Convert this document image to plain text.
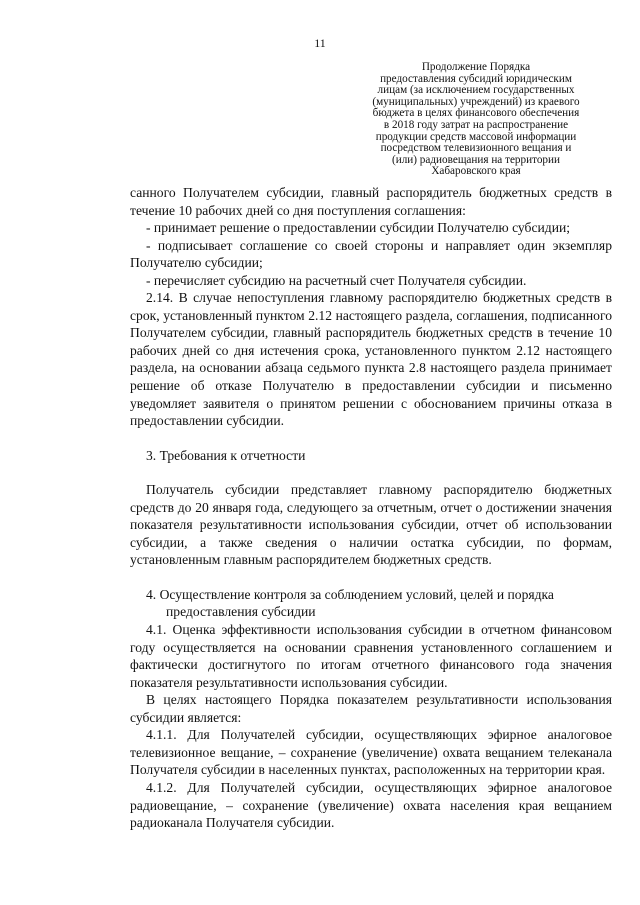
11
Продолжение Порядка
предоставления субсидий юридическим
лицам (за исключением государственных
(муниципальных) учреждений) из краевого
бюджета в целях финансового обеспечения
в 2018 году затрат на распространение
продукции средств массовой информации
посредством телевизионного вещания и
(или) радиовещания на территории
Хабаровского края

санного Получателем субсидии, главный распорядитель бюджетных средств в течение 10 рабочих дней со дня поступления соглашения:

- принимает решение о предоставлении субсидии Получателю субсидии;

- подписывает соглашение со своей стороны и направляет один экземпляр Получателю субсидии;

- перечисляет субсидию на расчетный счет Получателя субсидии.

2.14. В случае непоступления главному распорядителю бюджетных средств в срок, установленный пунктом 2.12 настоящего раздела, соглашения, подписанного Получателем субсидии, главный распорядитель бюджетных средств в течение 10 рабочих дней со дня истечения срока, установленного пунктом 2.12 настоящего раздела, на основании абзаца седьмого пункта 2.8 настоящего раздела принимает решение об отказе Получателю в предоставлении субсидии и письменно уведомляет заявителя о принятом решении с обоснованием причины отказа в предоставлении субсидии.

3. Требования к отчетности

Получатель субсидии представляет главному распорядителю бюджетных средств до 20 января года, следующего за отчетным, отчет о достижении значения показателя результативности использования субсидии, отчет об использовании субсидии, а также сведения о наличии остатка субсидии, по формам, установленным главным распорядителем бюджетных средств.

4. Осуществление контроля за соблюдением условий, целей и порядка
предоставления субсидии

4.1. Оценка эффективности использования субсидии в отчетном финансовом году осуществляется на основании сравнения установленного соглашением и фактически достигнутого по итогам отчетного финансового года значения показателя результативности использования субсидии.

В целях настоящего Порядка показателем результативности использования субсидии является:

4.1.1. Для Получателей субсидии, осуществляющих эфирное аналоговое телевизионное вещание, – сохранение (увеличение) охвата вещанием телеканала Получателя субсидии в населенных пунктах, расположенных на территории края.

4.1.2. Для Получателей субсидии, осуществляющих эфирное аналоговое радиовещание, – сохранение (увеличение) охвата населения края вещанием радиоканала Получателя субсидии.
